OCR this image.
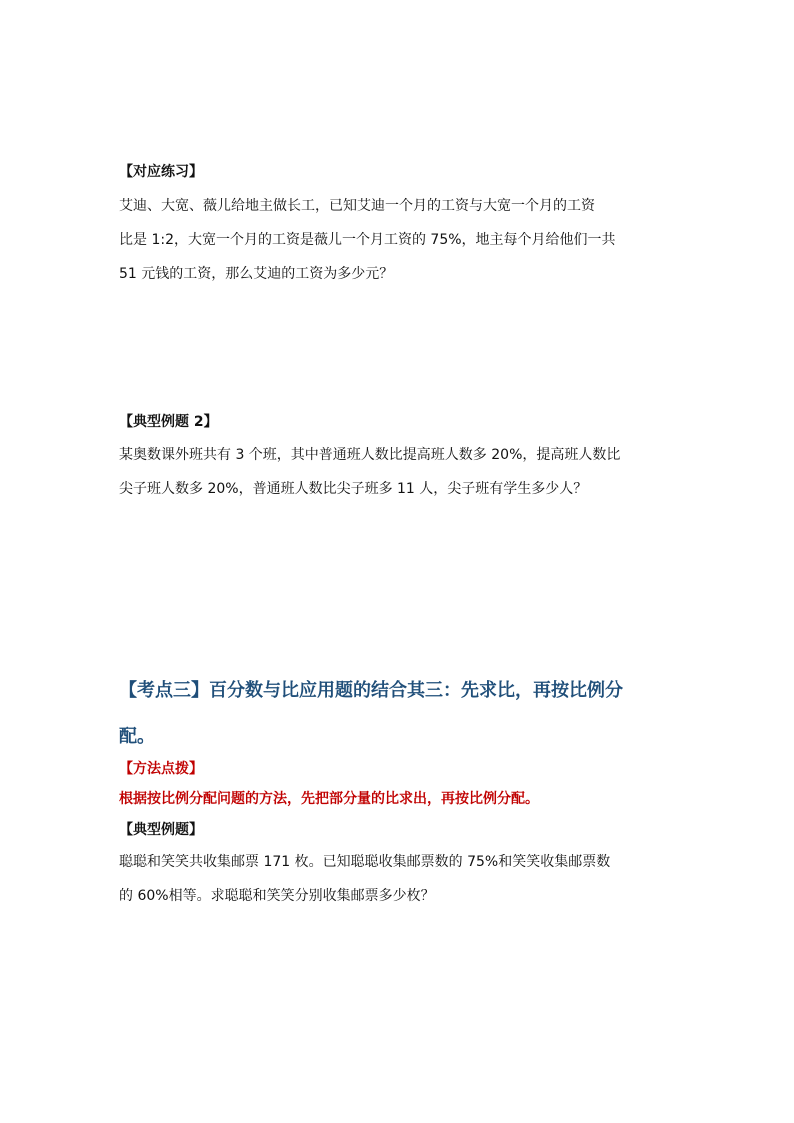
【对应练习】
艾迪、大宽、薇儿给地主做长工，已知艾迪一个月的工资与大宽一个月的工资
比是 1:2，大宽一个月的工资是薇儿一个月工资的 75%，地主每个月给他们一共
51 元钱的工资，那么艾迪的工资为多少元？
【典型例题 2】
某奥数课外班共有 3 个班，其中普通班人数比提高班人数多 20%，提高班人数比
尖子班人数多 20%，普通班人数比尖子班多 11 人，尖子班有学生多少人？
【考点三】百分数与比应用题的结合其三：先求比，再按比例分
配。
【方法点拨】
根据按比例分配问题的方法，先把部分量的比求出，再按比例分配。
【典型例题】
聪聪和笑笑共收集邮票 171 枚。已知聪聪收集邮票数的 75%和笑笑收集邮票数
的 60%相等。求聪聪和笑笑分别收集邮票多少枚？
